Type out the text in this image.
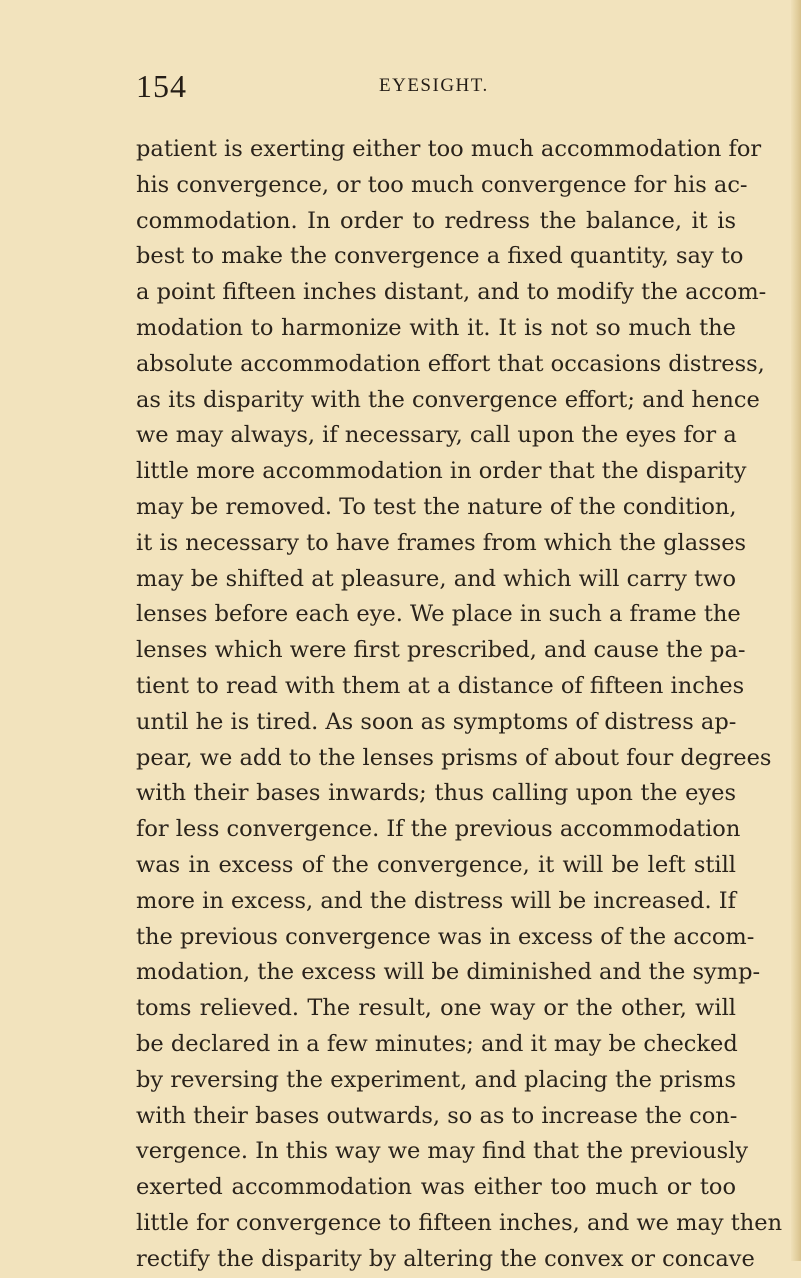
154	EYESIGHT.
patient is exerting either too much accommodation for
his convergence, or too much convergence for his ac-
commodation. In order to redress the balance, it is
best to make the convergence a fixed quantity, say to
a point fifteen inches distant, and to modify the accom-
modation to harmonize with it. It is not so much the
absolute accommodation effort that occasions distress,
as its disparity with the convergence effort; and hence
we may always, if necessary, call upon the eyes for a
little more accommodation in order that the disparity
may be removed. To test the nature of the condition,
it is necessary to have frames from which the glasses
may be shifted at pleasure, and which will carry two
lenses before each eye. We place in such a frame the
lenses which were first prescribed, and cause the pa-
tient to read with them at a distance of fifteen inches
until he is tired. As soon as symptoms of distress ap-
pear, we add to the lenses prisms of about four degrees
with their bases inwards; thus calling upon the eyes
for less convergence. If the previous accommodation
was in excess of the convergence, it will be left still
more in excess, and the distress will be increased. If
the previous convergence was in excess of the accom-
modation, the excess will be diminished and the symp-
toms relieved. The result, one way or the other, will
be declared in a few minutes; and it may be checked
by reversing the experiment, and placing the prisms
with their bases outwards, so as to increase the con-
vergence. In this way we may find that the previously
exerted accommodation was either too much or too
little for convergence to fifteen inches, and we may then
rectify the disparity by altering the convex or concave
